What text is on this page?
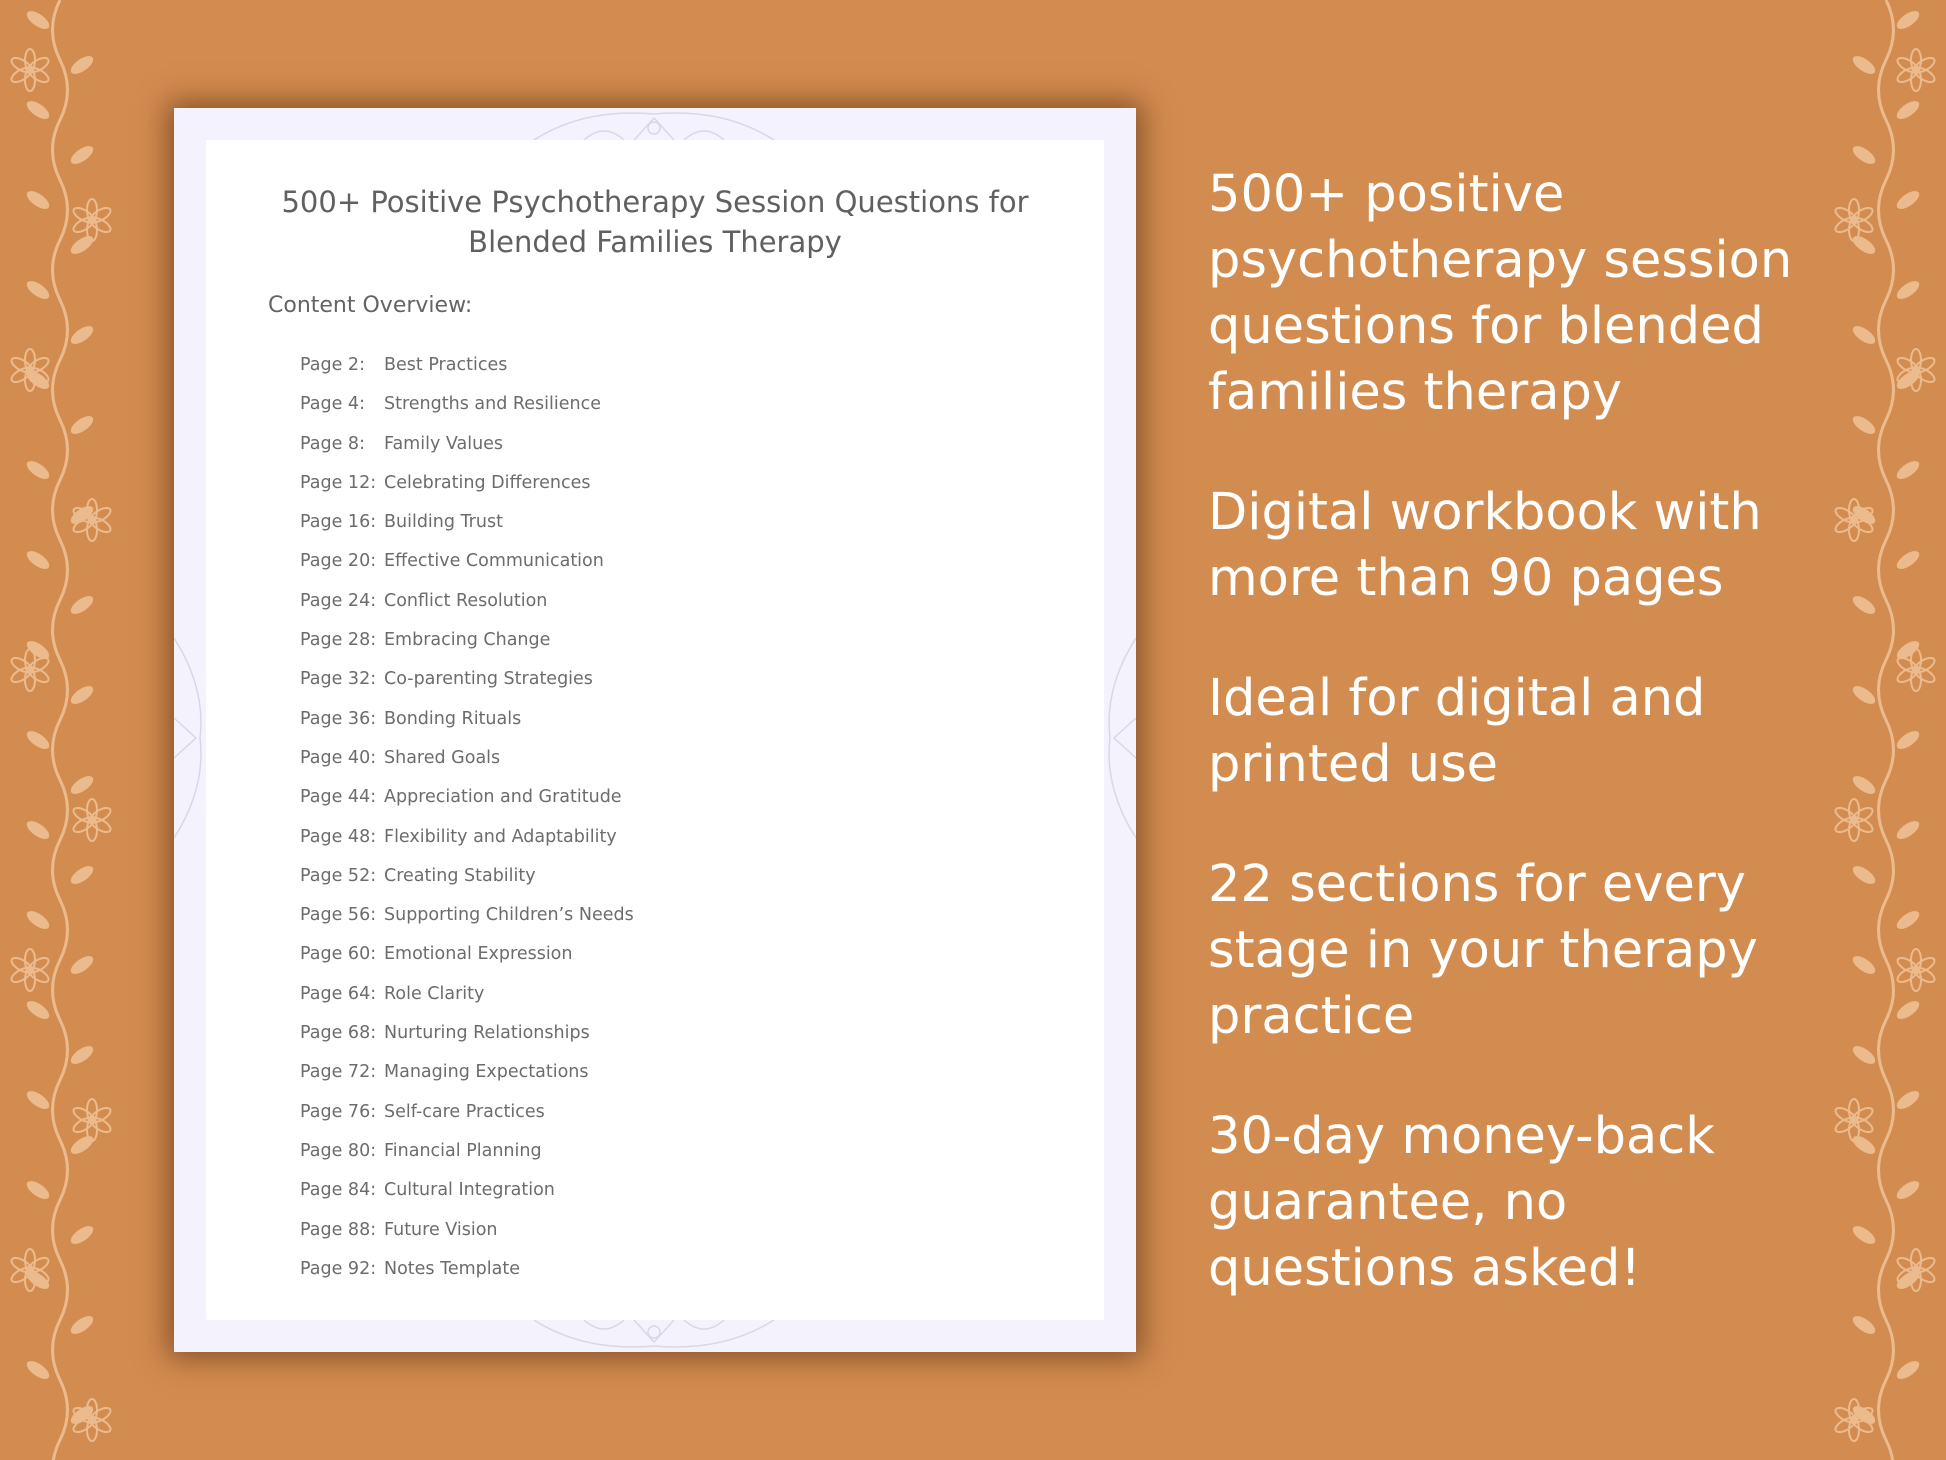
500+ Positive Psychotherapy Session Questions for
Blended Families Therapy
Content Overview:
Page 2: Best Practices
Page 4: Strengths and Resilience
Page 8: Family Values
Page 12: Celebrating Differences
Page 16: Building Trust
Page 20: Effective Communication
Page 24: Conflict Resolution
Page 28: Embracing Change
Page 32: Co-parenting Strategies
Page 36: Bonding Rituals
Page 40: Shared Goals
Page 44: Appreciation and Gratitude
Page 48: Flexibility and Adaptability
Page 52: Creating Stability
Page 56: Supporting Children’s Needs
Page 60: Emotional Expression
Page 64: Role Clarity
Page 68: Nurturing Relationships
Page 72: Managing Expectations
Page 76: Self-care Practices
Page 80: Financial Planning
Page 84: Cultural Integration
Page 88: Future Vision
Page 92: Notes Template

500+ positive psychotherapy session questions for blended families therapy

Digital workbook with more than 90 pages

Ideal for digital and printed use

22 sections for every stage in your therapy practice

30-day money-back guarantee, no questions asked!
